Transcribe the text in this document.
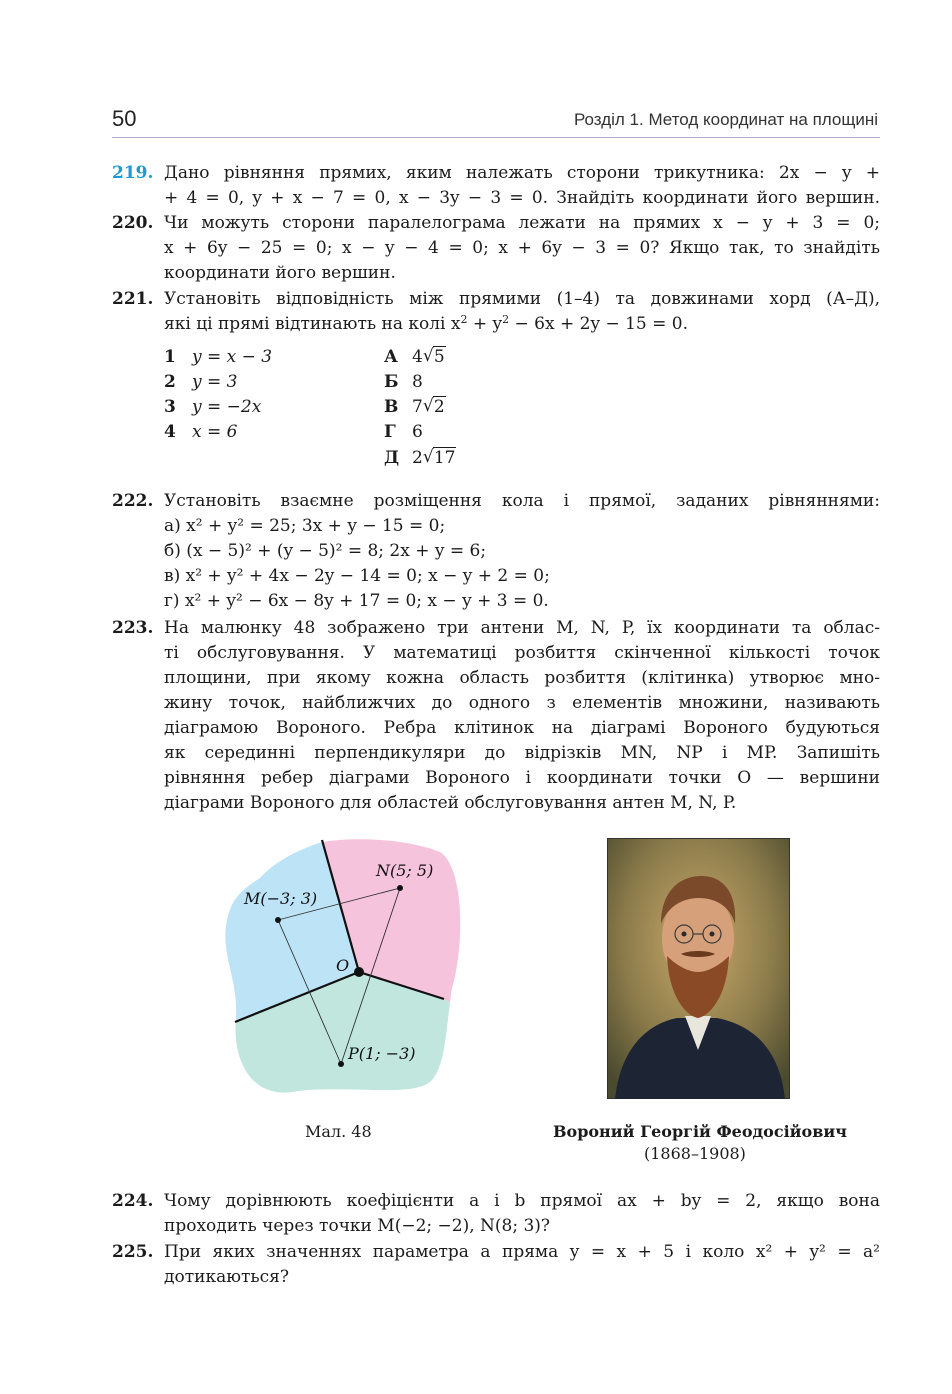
50	Розділ 1. Метод координат на площині
219. Дано рівняння прямих, яким належать сторони трикутника: 2x − y +
+ 4 = 0, y + x − 7 = 0, x − 3y − 3 = 0. Знайдіть координати його вершин.
220. Чи можуть сторони паралелограма лежати на прямих x − y + 3 = 0;
x + 6y − 25 = 0; x − y − 4 = 0; x + 6y − 3 = 0? Якщо так, то знайдіть
координати його вершин.
221. Установіть відповідність між прямими (1–4) та довжинами хорд (А–Д),
які ці прямі відтинають на колі $x^2 + y^2 - 6x + 2y - 15 = 0$.
1 y = x − 3
2 y = 3
3 y = −2x
4 x = 6
А 4 √ 5
Б 8
В 7 √ 2
Г 6
Д 2 √ 17
222. Установіть взаємне розміщення кола і прямої, заданих рівняннями:
а) x² + y² = 25; 3x + y − 15 = 0;
б) (x − 5)² + (y − 5)² = 8; 2x + y = 6;
в) x² + y² + 4x − 2y − 14 = 0; x − y + 2 = 0;
г) x² + y² − 6x − 8y + 17 = 0; x − y + 3 = 0.
223. На малюнку 48 зображено три антени M, N, P, їх координати та облас-
ті обслуговування. У математиці розбиття скінченної кількості точок
площини, при якому кожна область розбиття (клітинка) утворює мно-
жину точок, найближчих до одного з елементів множини, називають
діаграмою Вороного. Ребра клітинок на діаграмі Вороного будуються
як серединні перпендикуляри до відрізків MN, NP і MP. Запишіть
рівняння ребер діаграми Вороного і координати точки O — вершини
діаграми Вороного для областей обслуговування антен M, N, P.
M(−3; 3)
N(5; 5)
P(1; −3)
O
Мал. 48	Вороний Георгій Феодосійович
(1868–1908)
224. Чому дорівнюють коефіцієнти a і b прямої ax + by = 2, якщо вона
проходить через точки M(−2; −2), N(8; 3)?
225. При яких значеннях параметра a пряма y = x + 5 і коло x² + y² = a²
дотикаються?
